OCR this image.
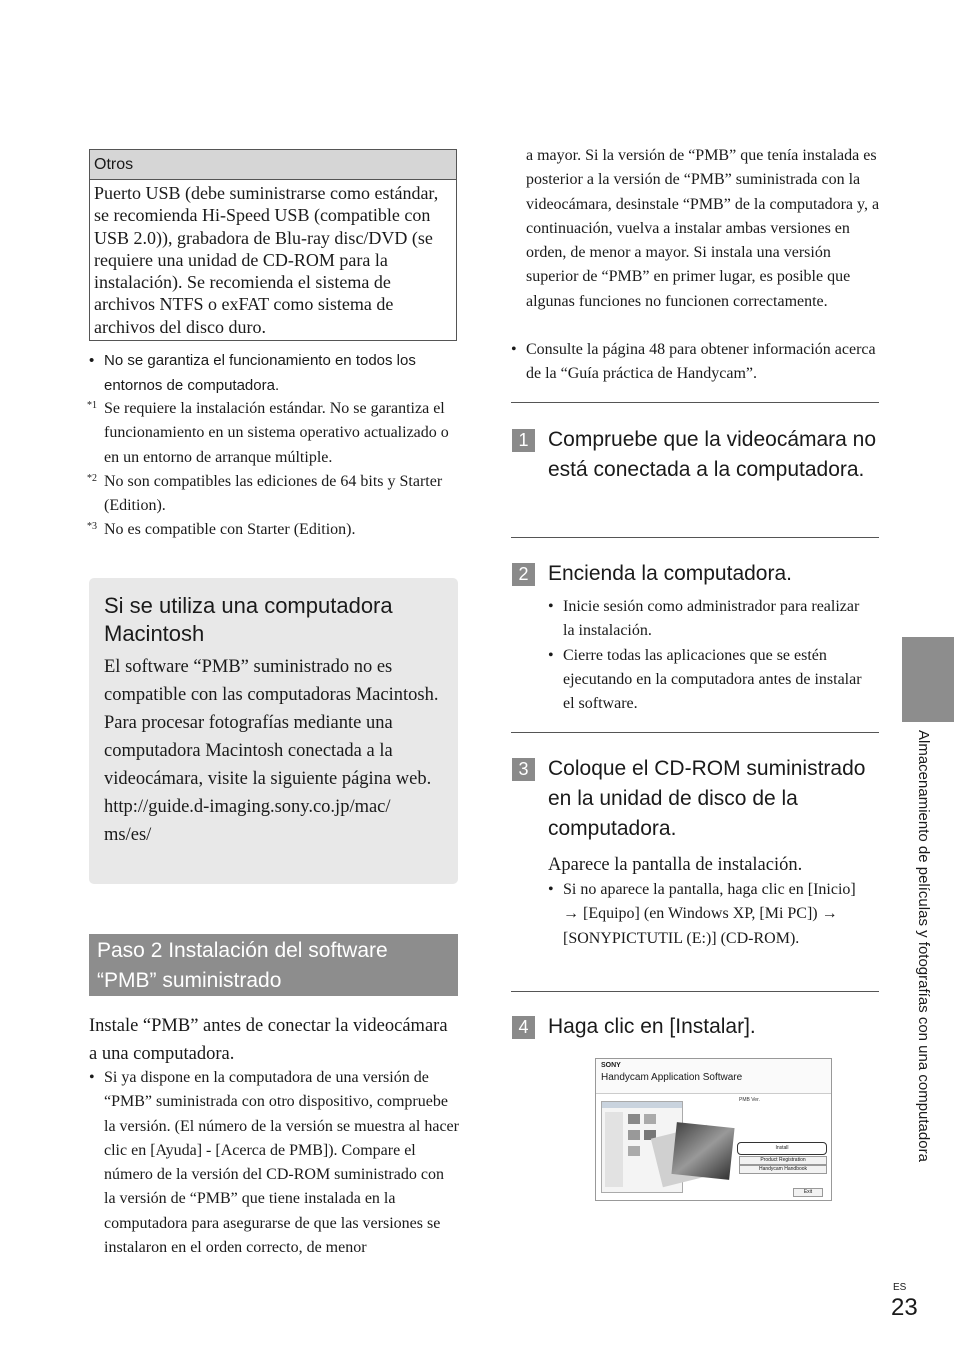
Otros
Puerto USB (debe suministrarse como estándar, se recomienda Hi-Speed USB (compatible con USB 2.0)), grabadora de Blu-ray disc/DVD (se requiere una unidad de CD-ROM para la instalación). Se recomienda el sistema de archivos NTFS o exFAT como sistema de archivos del disco duro.
• No se garantiza el funcionamiento en todos los entornos de computadora.
*1 Se requiere la instalación estándar. No se garantiza el funcionamiento en un sistema operativo actualizado o en un entorno de arranque múltiple.
*2 No son compatibles las ediciones de 64 bits y Starter (Edition).
*3 No es compatible con Starter (Edition).
Si se utiliza una computadora Macintosh
El software “PMB” suministrado no es compatible con las computadoras Macintosh. Para procesar fotografías mediante una computadora Macintosh conectada a la videocámara, visite la siguiente página web.
http://guide.d-imaging.sony.co.jp/mac/
ms/es/
Paso 2 Instalación del software “PMB” suministrado
Instale “PMB” antes de conectar la videocámara a una computadora.
• Si ya dispone en la computadora de una versión de “PMB” suministrada con otro dispositivo, compruebe la versión. (El número de la versión se muestra al hacer clic en [Ayuda] - [Acerca de PMB]). Compare el número de la versión del CD-ROM suministrado con la versión de “PMB” que tiene instalada en la computadora para asegurarse de que las versiones se instalaron en el orden correcto, de menor
a mayor. Si la versión de “PMB” que tenía instalada es posterior a la versión de “PMB” suministrada con la videocámara, desinstale “PMB” de la computadora y, a continuación, vuelva a instalar ambas versiones en orden, de menor a mayor. Si instala una versión superior de “PMB” en primer lugar, es posible que algunas funciones no funcionen correctamente.
• Consulte la página 48 para obtener información acerca de la “Guía práctica de Handycam”.
1 Compruebe que la videocámara no está conectada a la computadora.
2 Encienda la computadora.
• Inicie sesión como administrador para realizar la instalación.
• Cierre todas las aplicaciones que se estén ejecutando en la computadora antes de instalar el software.
3 Coloque el CD-ROM suministrado en la unidad de disco de la computadora.
Aparece la pantalla de instalación.
• Si no aparece la pantalla, haga clic en [Inicio] → [Equipo] (en Windows XP, [Mi PC]) → [SONYPICTUTIL (E:)] (CD-ROM).
4 Haga clic en [Instalar].
SONY
Handycam Application Software
PMB Ver.
Install
Product Registration
Handycam Handbook
Exit
Almacenamiento de películas y fotografías con una computadora
ES
23
